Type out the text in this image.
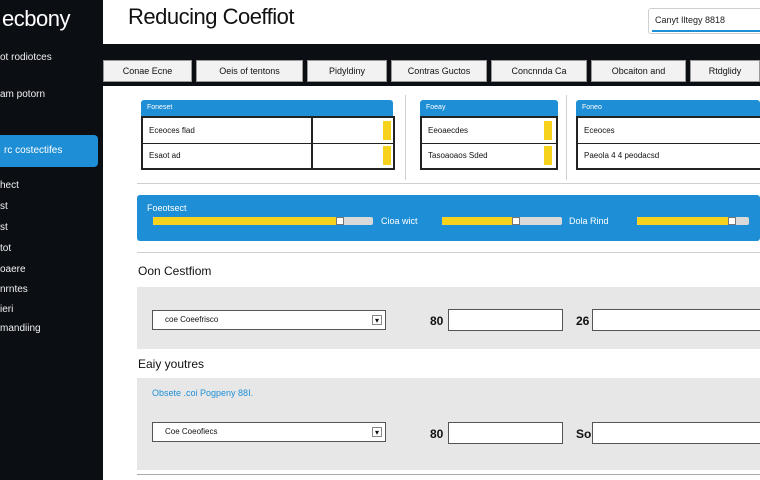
ecbony
ot rodiotces
am potorn
rc costectifes
hect
st
st
tot
oaere
nrntes
ieri
mandiing
Reducing Coeffiot	Canyt Iltegy 8818
Conae Ecne	Oeis of tentons	Pidyldiny	Contras Guctos	Concnnda Ca	Obcaiton and	Rtdglidy
Foneset
Eceoces flad
Esaot ad
Foeay
Eeoaecdes
Tasoaoaos Sded
Foneo
Eceoces
Paeola 4 4 peodacsd
Foeotsect
Cioa wict	Dola Rind
Oon Cestfiom
coe Coeefrisco	▾	80	26
Eaiy youtres
Obsete .coi Pogpeny 88I.
Coe Coeofiecs	▾	80	So
